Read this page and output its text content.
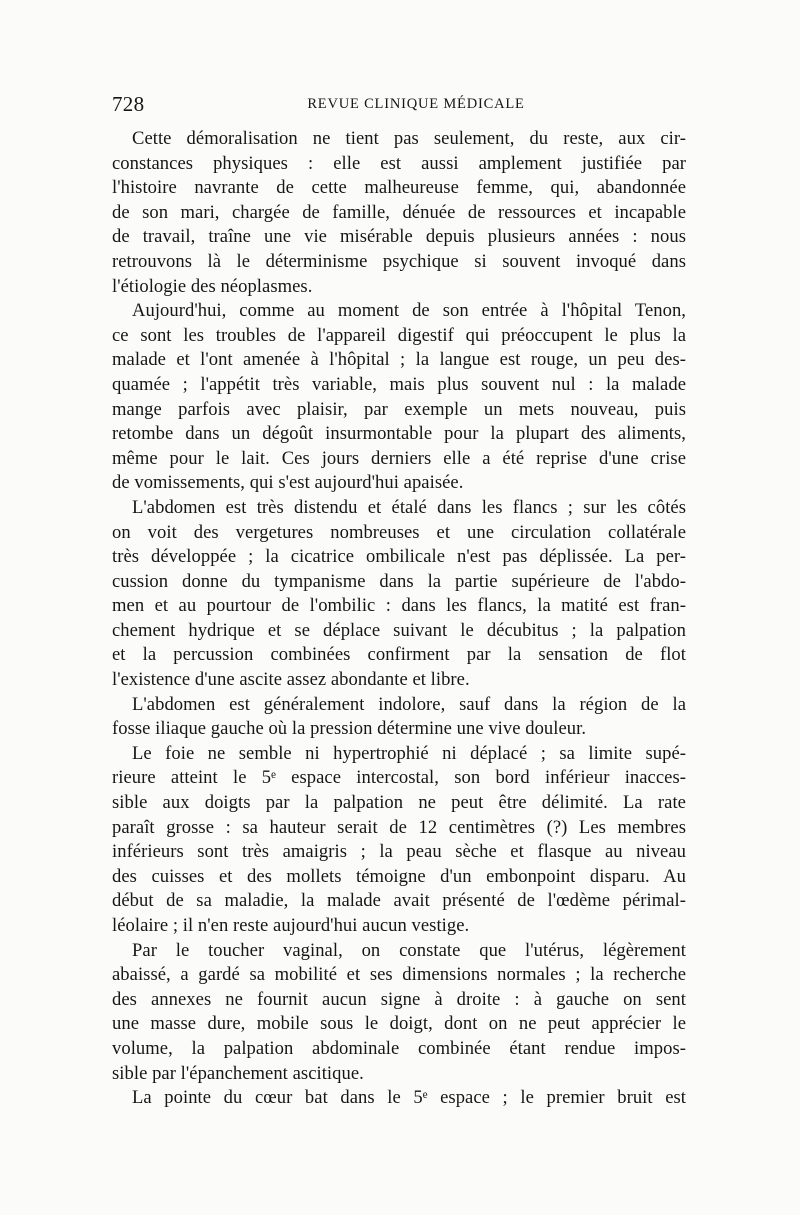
728	REVUE CLINIQUE MÉDICALE
Cette démoralisation ne tient pas seulement, du reste, aux cir-
constances physiques : elle est aussi amplement justifiée par
l'histoire navrante de cette malheureuse femme, qui, abandonnée
de son mari, chargée de famille, dénuée de ressources et incapable
de travail, traîne une vie misérable depuis plusieurs années : nous
retrouvons là le déterminisme psychique si souvent invoqué dans
l'étiologie des néoplasmes.
Aujourd'hui, comme au moment de son entrée à l'hôpital Tenon,
ce sont les troubles de l'appareil digestif qui préoccupent le plus la
malade et l'ont amenée à l'hôpital ; la langue est rouge, un peu des-
quamée ; l'appétit très variable, mais plus souvent nul : la malade
mange parfois avec plaisir, par exemple un mets nouveau, puis
retombe dans un dégoût insurmontable pour la plupart des aliments,
même pour le lait. Ces jours derniers elle a été reprise d'une crise
de vomissements, qui s'est aujourd'hui apaisée.
L'abdomen est très distendu et étalé dans les flancs ; sur les côtés
on voit des vergetures nombreuses et une circulation collatérale
très développée ; la cicatrice ombilicale n'est pas déplissée. La per-
cussion donne du tympanisme dans la partie supérieure de l'abdo-
men et au pourtour de l'ombilic : dans les flancs, la matité est fran-
chement hydrique et se déplace suivant le décubitus ; la palpation
et la percussion combinées confirment par la sensation de flot
l'existence d'une ascite assez abondante et libre.
L'abdomen est généralement indolore, sauf dans la région de la
fosse iliaque gauche où la pression détermine une vive douleur.
Le foie ne semble ni hypertrophié ni déplacé ; sa limite supé-
rieure atteint le 5ᵉ espace intercostal, son bord inférieur inacces-
sible aux doigts par la palpation ne peut être délimité. La rate
paraît grosse : sa hauteur serait de 12 centimètres (?) Les membres
inférieurs sont très amaigris ; la peau sèche et flasque au niveau
des cuisses et des mollets témoigne d'un embonpoint disparu. Au
début de sa maladie, la malade avait présenté de l'œdème périmal-
léolaire ; il n'en reste aujourd'hui aucun vestige.
Par le toucher vaginal, on constate que l'utérus, légèrement
abaissé, a gardé sa mobilité et ses dimensions normales ; la recherche
des annexes ne fournit aucun signe à droite : à gauche on sent
une masse dure, mobile sous le doigt, dont on ne peut apprécier le
volume, la palpation abdominale combinée étant rendue impos-
sible par l'épanchement ascitique.
La pointe du cœur bat dans le 5ᵉ espace ; le premier bruit est
